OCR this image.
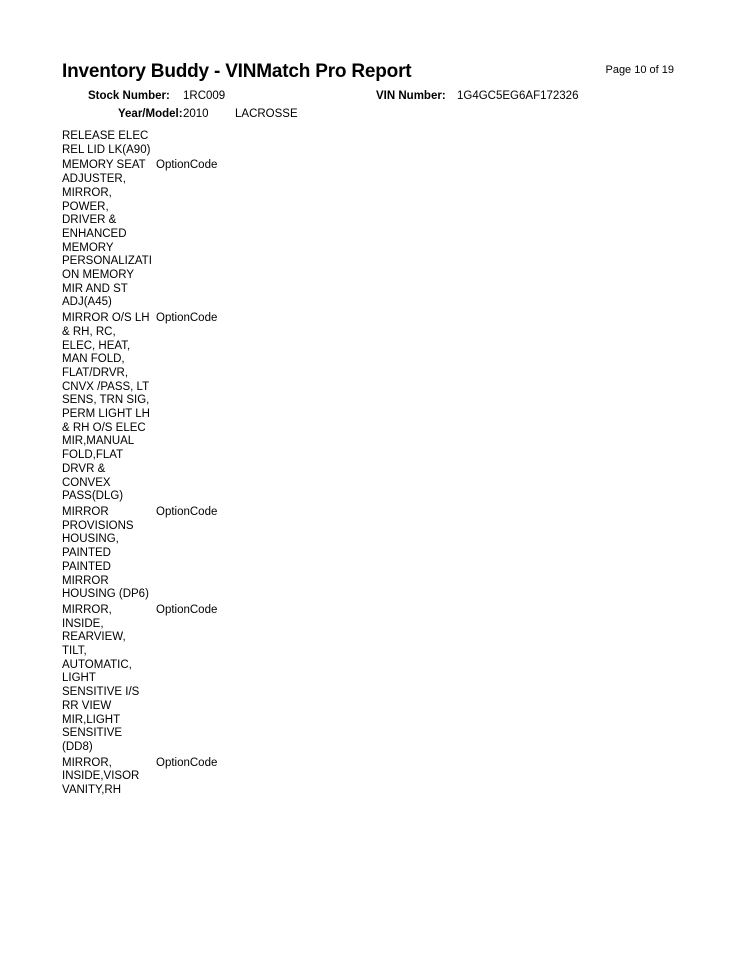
Inventory Buddy - VINMatch Pro Report	Page 10 of 19
Stock Number: 1RC009	VIN Number: 1G4GC5EG6AF172326
Year/Model: 2010 LACROSSE
RELEASE ELEC REL LID LK(A90)
MEMORY SEAT ADJUSTER, MIRROR, POWER, DRIVER & ENHANCED MEMORY PERSONALIZATION MEMORY MIR AND ST ADJ(A45)
OptionCode
MIRROR O/S LH & RH, RC, ELEC, HEAT, MAN FOLD, FLAT/DRVR, CNVX /PASS, LT SENS, TRN SIG, PERM LIGHT LH & RH O/S ELEC MIR,MANUAL FOLD,FLAT DRVR & CONVEX PASS(DLG)
OptionCode
MIRROR PROVISIONS HOUSING, PAINTED PAINTED MIRROR HOUSING (DP6)
OptionCode
MIRROR, INSIDE, REARVIEW, TILT, AUTOMATIC, LIGHT SENSITIVE I/S RR VIEW MIR,LIGHT SENSITIVE (DD8)
OptionCode
MIRROR, INSIDE,VISOR VANITY,RH
OptionCode
